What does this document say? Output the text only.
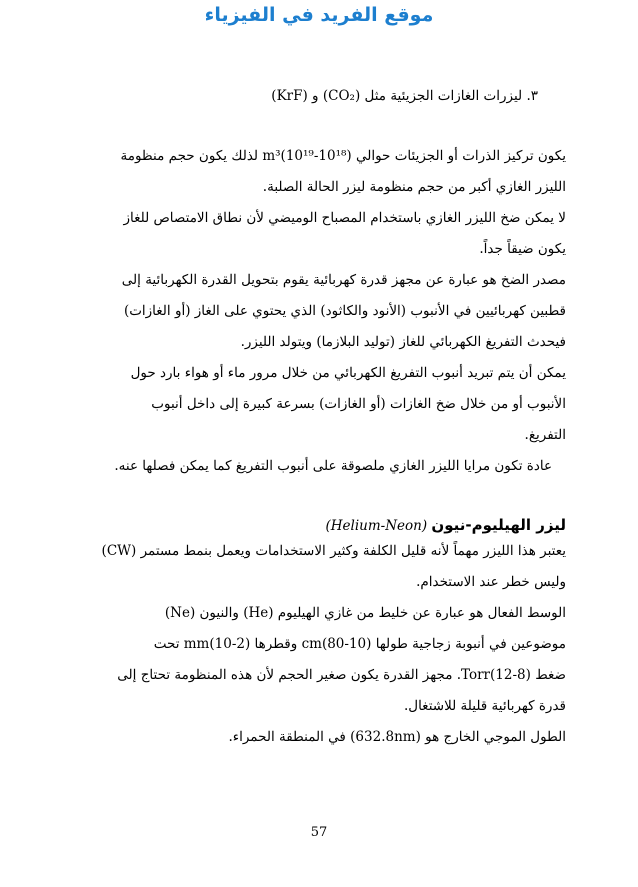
موقع الفريد في الفيزياء
٣. ليزرات الغازات الجزيئية مثل (CO₂) و (KrF)
يكون تركيز الذرات أو الجزيئات حوالي (10¹⁸-10¹⁹)m³ لذلك يكون حجم منظومة
الليزر الغازي أكبر من حجم منظومة ليزر الحالة الصلبة.
لا يمكن ضخ الليزر الغازي باستخدام المصباح الوميضي لأن نطاق الامتصاص للغاز
يكون ضيقاً جداً.
مصدر الضخ هو عبارة عن مجهز قدرة كهربائية يقوم بتحويل القدرة الكهربائية إلى
قطبين كهربائيين في الأنبوب (الأنود والكاثود) الذي يحتوي على الغاز (أو الغازات)
فيحدث التفريغ الكهربائي للغاز (توليد البلازما) ويتولد الليزر.
يمكن أن يتم تبريد أنبوب التفريغ الكهربائي من خلال مرور ماء أو هواء بارد حول
الأنبوب أو من خلال ضخ الغازات (أو الغازات) بسرعة كبيرة إلى داخل أنبوب
التفريغ.
عادة تكون مرايا الليزر الغازي ملصوقة على أنبوب التفريغ كما يمكن فصلها عنه.
ليزر الهيليوم-نيون (Helium-Neon)
يعتبر هذا الليزر مهماً لأنه قليل الكلفة وكثير الاستخدامات ويعمل بنمط مستمر (CW)
وليس خطر عند الاستخدام.
الوسط الفعال هو عبارة عن خليط من غازي الهيليوم (He) والنيون (Ne)
موضوعين في أنبوبة زجاجية طولها (10-80)cm وقطرها (2-10)mm تحت
ضغط (8-12)Torr. مجهز القدرة يكون صغير الحجم لأن هذه المنظومة تحتاج إلى
قدرة كهربائية قليلة للاشتغال.
الطول الموجي الخارج هو (632.8nm) في المنطقة الحمراء.
57
